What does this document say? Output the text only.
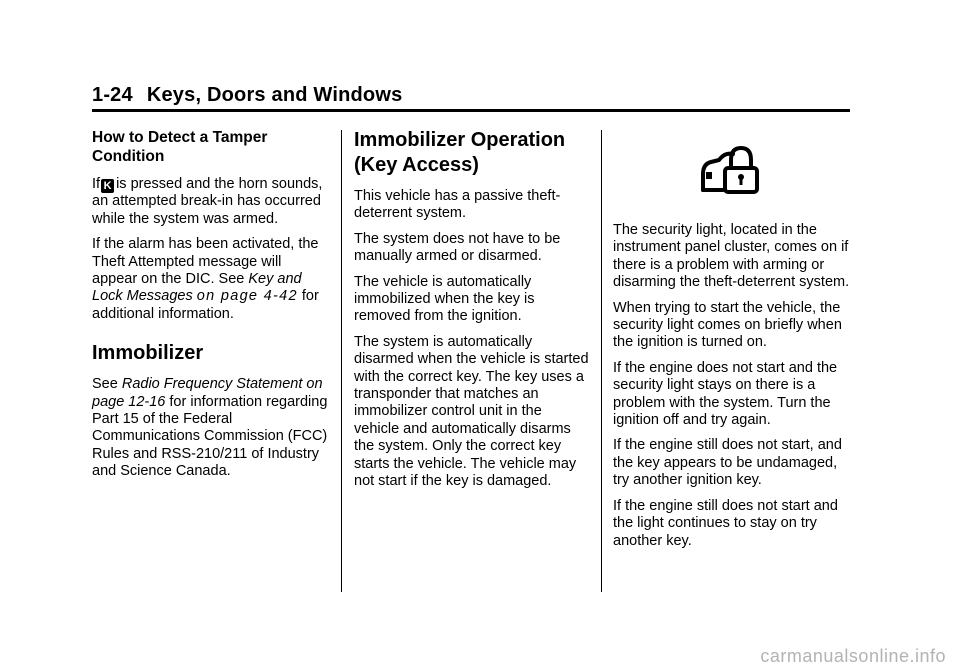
1-24 Keys, Doors and Windows
How to Detect a Tamper Condition

If K is pressed and the horn sounds, an attempted break-in has occurred while the system was armed.

If the alarm has been activated, the Theft Attempted message will appear on the DIC. See Key and Lock Messages on page 4-42 for additional information.

Immobilizer

See Radio Frequency Statement on page 12-16 for information regarding Part 15 of the Federal Communications Commission (FCC) Rules and RSS-210/211 of Industry and Science Canada.

Immobilizer Operation (Key Access)

This vehicle has a passive theft-deterrent system.

The system does not have to be manually armed or disarmed.

The vehicle is automatically immobilized when the key is removed from the ignition.

The system is automatically disarmed when the vehicle is started with the correct key. The key uses a transponder that matches an immobilizer control unit in the vehicle and automatically disarms the system. Only the correct key starts the vehicle. The vehicle may not start if the key is damaged.

The security light, located in the instrument panel cluster, comes on if there is a problem with arming or disarming the theft-deterrent system.

When trying to start the vehicle, the security light comes on briefly when the ignition is turned on.

If the engine does not start and the security light stays on there is a problem with the system. Turn the ignition off and try again.

If the engine still does not start, and the key appears to be undamaged, try another ignition key.

If the engine still does not start and the light continues to stay on try another key.

carmanualsonline.info
